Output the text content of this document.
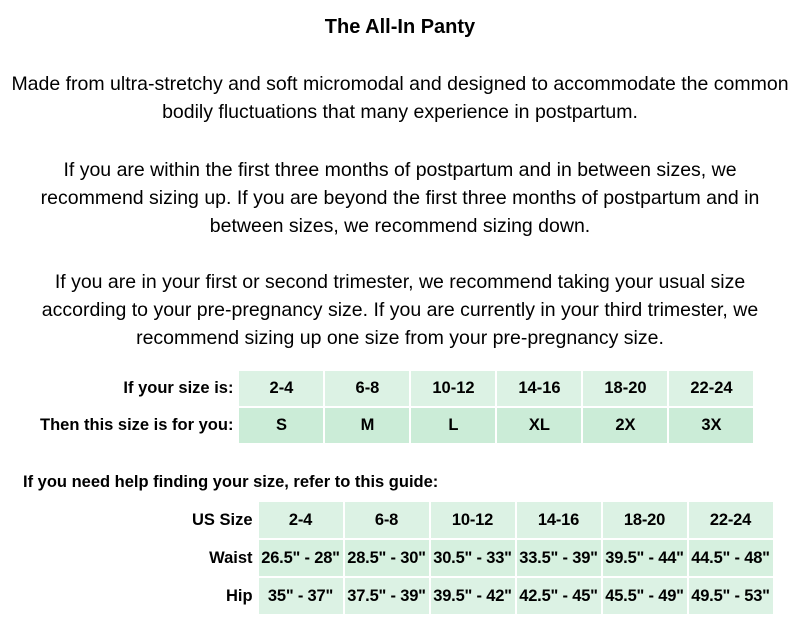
The All-In Panty

Made from ultra-stretchy and soft micromodal and designed to accommodate the common bodily fluctuations that many experience in postpartum.

If you are within the first three months of postpartum and in between sizes, we recommend sizing up. If you are beyond the first three months of postpartum and in between sizes, we recommend sizing down.

If you are in your first or second trimester, we recommend taking your usual size according to your pre-pregnancy size. If you are currently in your third trimester, we recommend sizing up one size from your pre-pregnancy size.

If your size is:	2-4	6-8	10-12	14-16	18-20	22-24
Then this size is for you:	S	M	L	XL	2X	3X

If you need help finding your size, refer to this guide:

US Size	2-4	6-8	10-12	14-16	18-20	22-24
Waist	26.5" - 28"	28.5" - 30"	30.5" - 33"	33.5" - 39"	39.5" - 44"	44.5" - 48"
Hip	35" - 37"	37.5" - 39"	39.5" - 42"	42.5" - 45"	45.5" - 49"	49.5" - 53"
